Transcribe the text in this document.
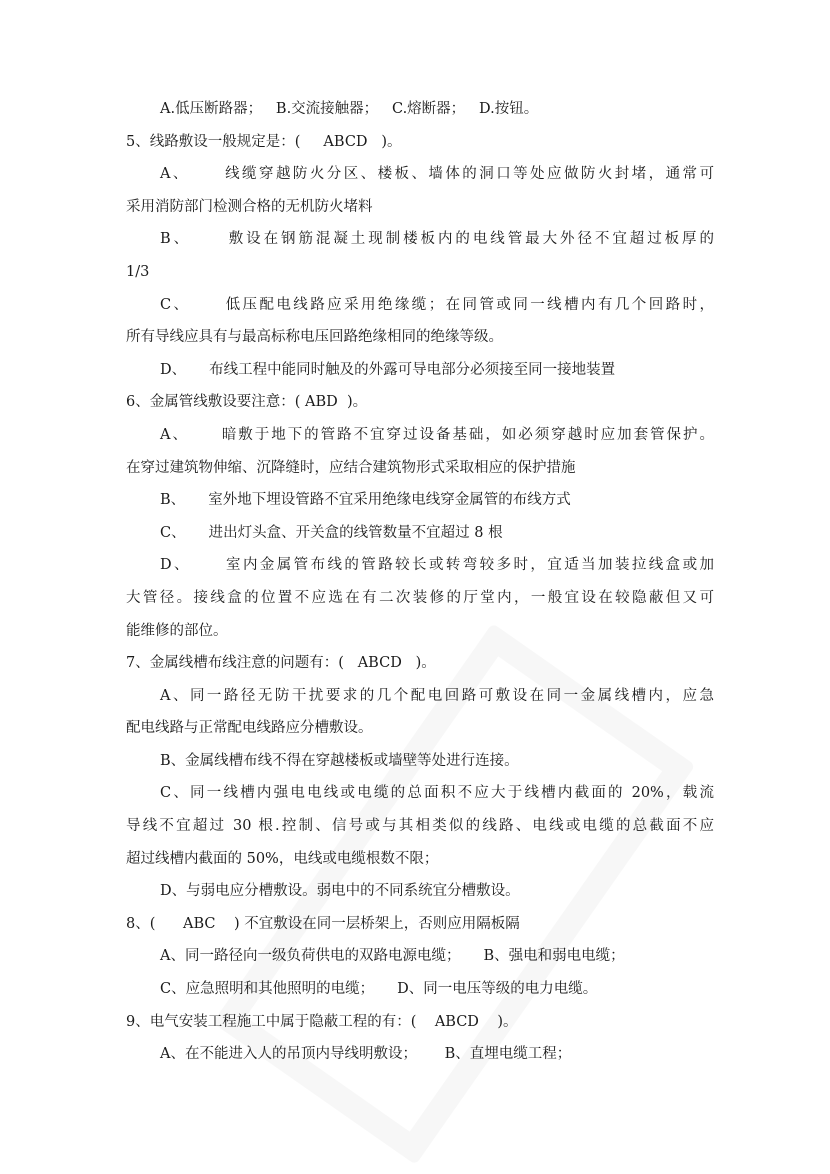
A.低压断路器；   B.交流接触器；   C.熔断器；   D.按钮。
5、线路敷设一般规定是：(     ABCD   )。
A、     线缆穿越防火分区、楼板、墙体的洞口等处应做防火封堵，通常可
采用消防部门检测合格的无机防火堵料
B、     敷设在钢筋混凝土现制楼板内的电线管最大外径不宜超过板厚的
1/3
C、     低压配电线路应采用绝缘缆；在同管或同一线槽内有几个回路时，
所有导线应具有与最高标称电压回路绝缘相同的绝缘等级。
D、     布线工程中能同时触及的外露可导电部分必须接至同一接地装置
6、金属管线敷设要注意：( ABD  )。
A、     暗敷于地下的管路不宜穿过设备基础，如必须穿越时应加套管保护。
在穿过建筑物伸缩、沉降缝时，应结合建筑物形式采取相应的保护措施
B、     室外地下埋设管路不宜采用绝缘电线穿金属管的布线方式
C、     进出灯头盒、开关盒的线管数量不宜超过 8 根
D、     室内金属管布线的管路较长或转弯较多时，宜适当加装拉线盒或加
大管径。接线盒的位置不应选在有二次装修的厅堂内，一般宜设在较隐蔽但又可
能维修的部位。
7、金属线槽布线注意的问题有：(   ABCD   )。
A、同一路径无防干扰要求的几个配电回路可敷设在同一金属线槽内，应急
配电线路与正常配电线路应分槽敷设。
B、金属线槽布线不得在穿越楼板或墙壁等处进行连接。
C、同一线槽内强电电线或电缆的总面积不应大于线槽内截面的 20%，载流
导线不宜超过 30 根.控制、信号或与其相类似的线路、电线或电缆的总截面不应
超过线槽内截面的 50%，电线或电缆根数不限；
D、与弱电应分槽敷设。弱电中的不同系统宜分槽敷设。
8、(      ABC    ) 不宜敷设在同一层桥架上，否则应用隔板隔
A、同一路径向一级负荷供电的双路电源电缆；     B、强电和弱电电缆；
C、应急照明和其他照明的电缆；     D、同一电压等级的电力电缆。
9、电气安装工程施工中属于隐蔽工程的有：(    ABCD    )。
A、在不能进入人的吊顶内导线明敷设；      B、直埋电缆工程；
